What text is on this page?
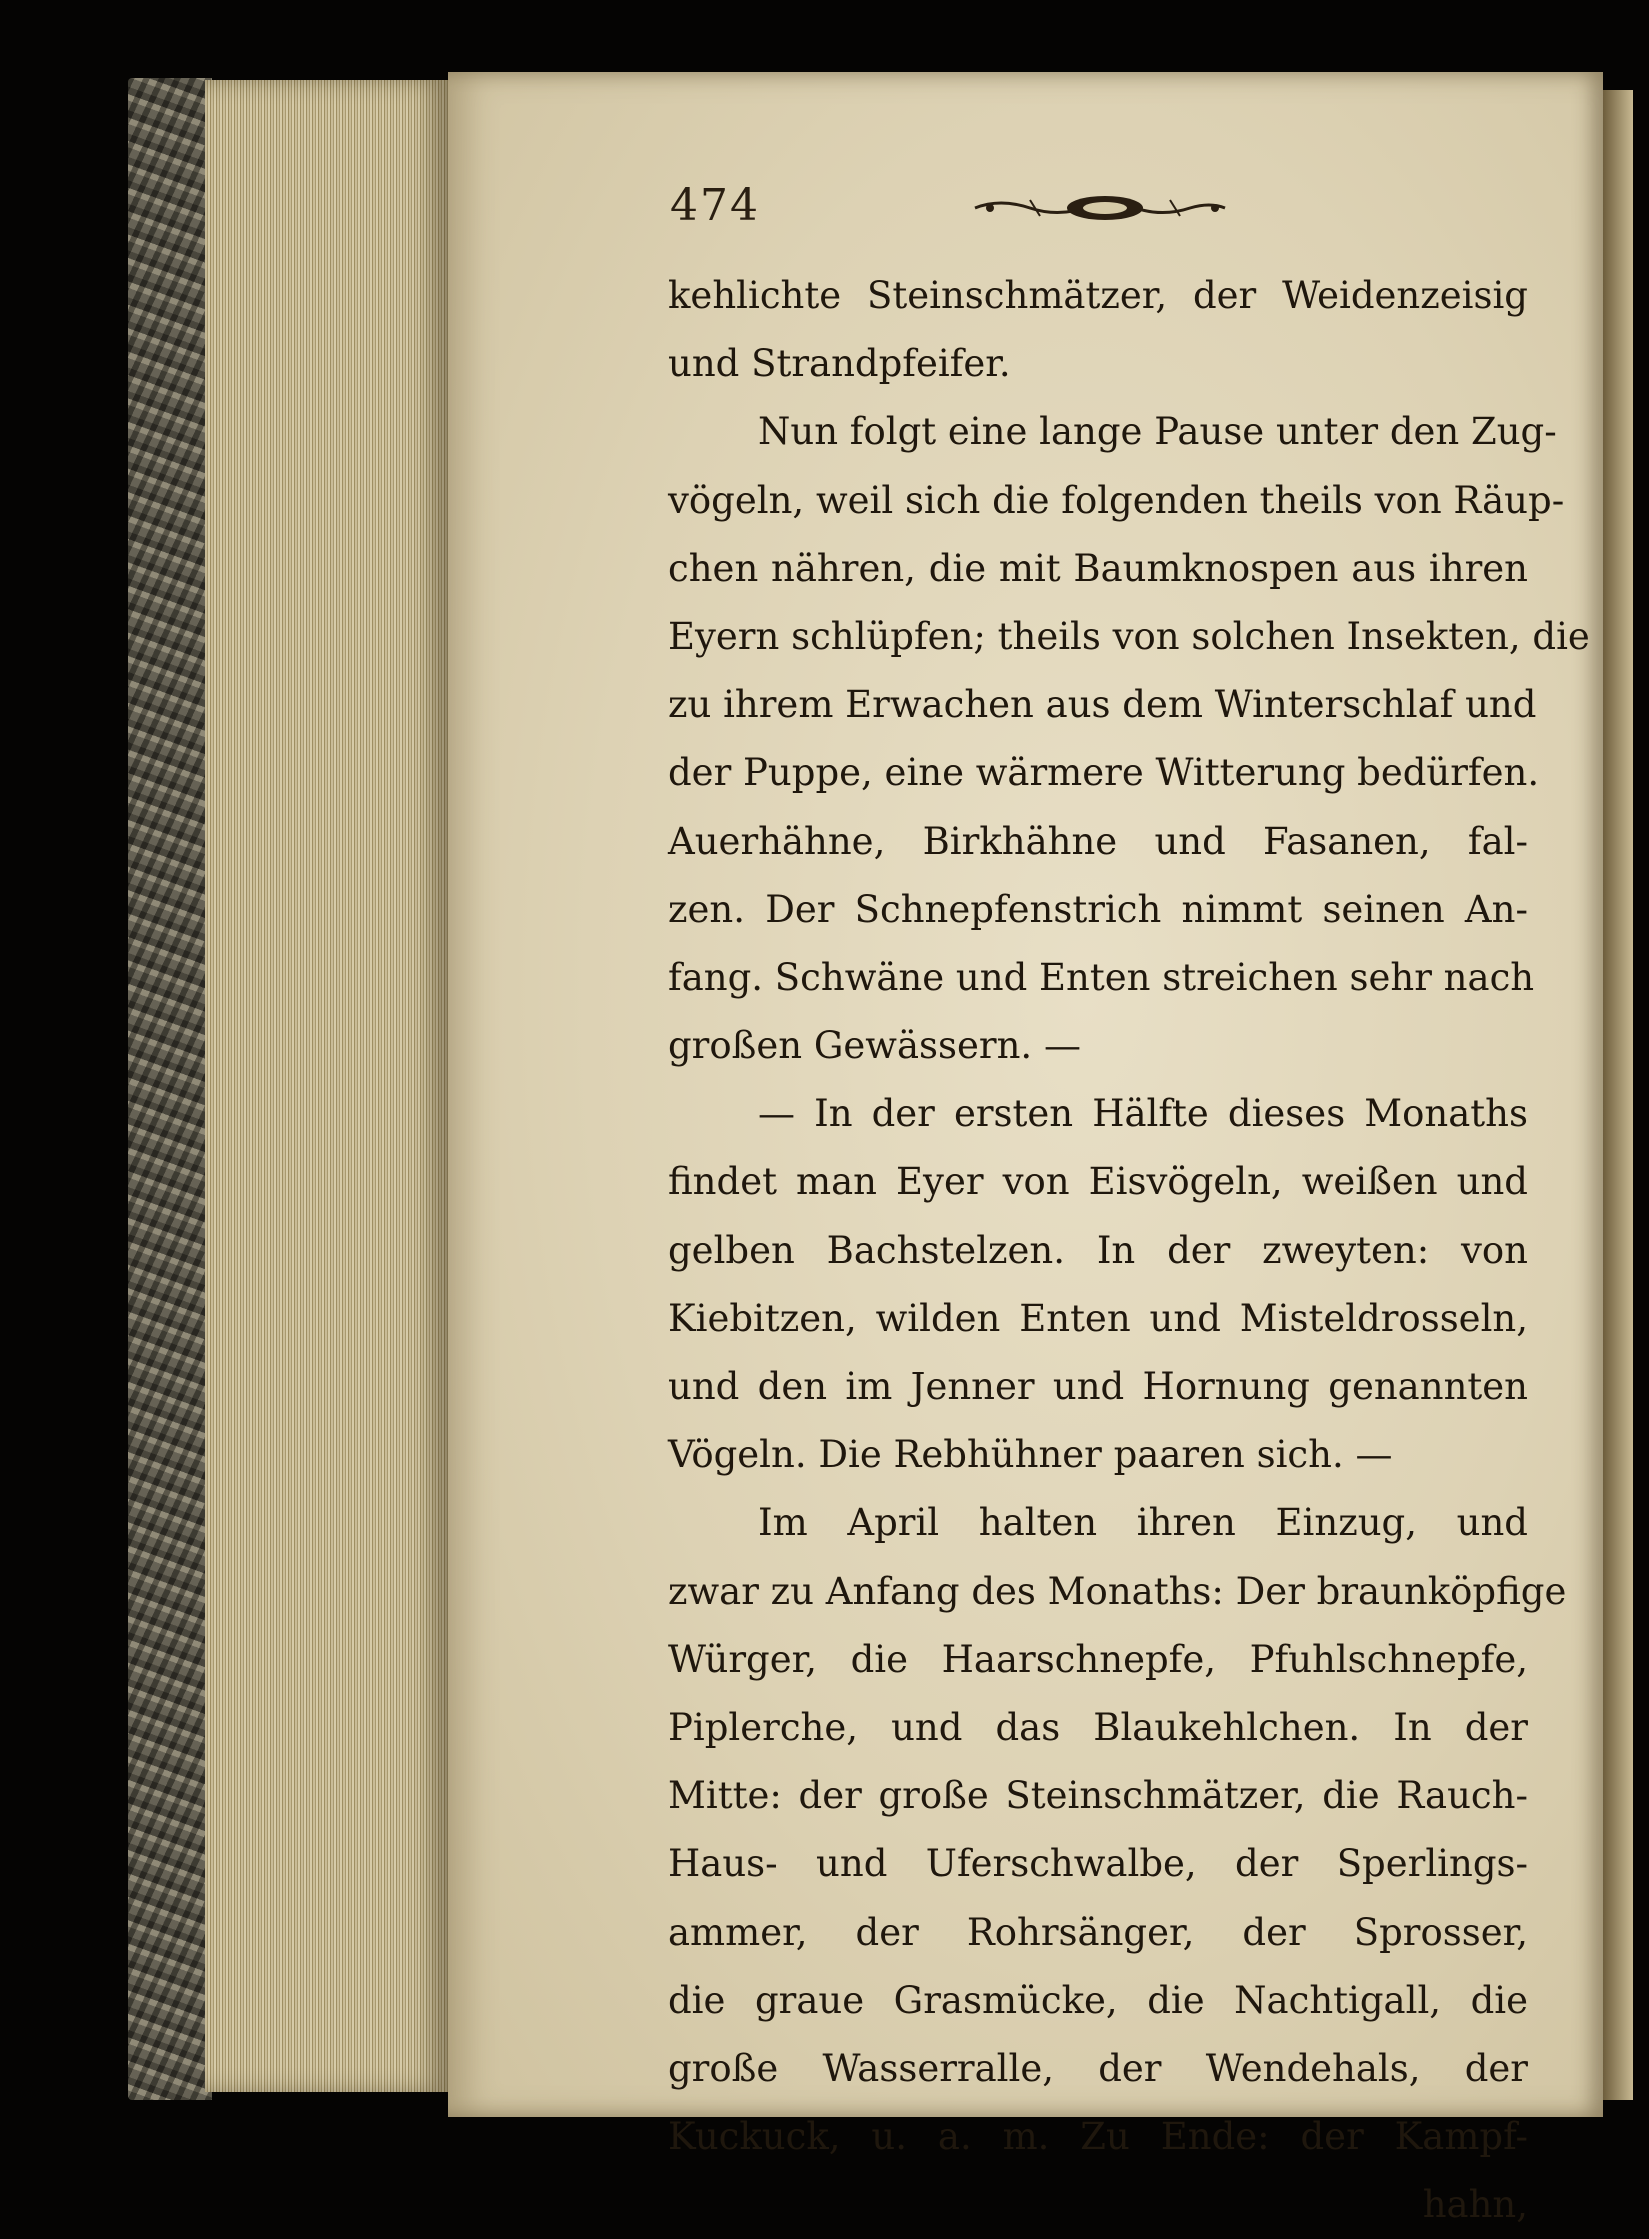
474
kehlichte Steinschmätzer, der Weidenzeisig
und Strandpfeifer.
Nun folgt eine lange Pause unter den Zug-
vögeln, weil sich die folgenden theils von Räup-
chen nähren, die mit Baumknospen aus ihren
Eyern schlüpfen; theils von solchen Insekten, die
zu ihrem Erwachen aus dem Winterschlaf und
der Puppe, eine wärmere Witterung bedürfen.
Auerhähne, Birkhähne und Fasanen, fal-
zen. Der Schnepfenstrich nimmt seinen An-
fang. Schwäne und Enten streichen sehr nach
großen Gewässern. —
— In der ersten Hälfte dieses Monaths
findet man Eyer von Eisvögeln, weißen und
gelben Bachstelzen. In der zweyten: von
Kiebitzen, wilden Enten und Misteldrosseln,
und den im Jenner und Hornung genannten
Vögeln. Die Rebhühner paaren sich. —
Im April halten ihren Einzug, und
zwar zu Anfang des Monaths: Der braunköpfige
Würger, die Haarschnepfe, Pfuhlschnepfe,
Piplerche, und das Blaukehlchen. In der
Mitte: der große Steinschmätzer, die Rauch-
Haus- und Uferschwalbe, der Sperlings-
ammer, der Rohrsänger, der Sprosser,
die graue Grasmücke, die Nachtigall, die
große Wasserralle, der Wendehals, der
Kuckuck, u. a. m. Zu Ende: der Kampf-
hahn,
